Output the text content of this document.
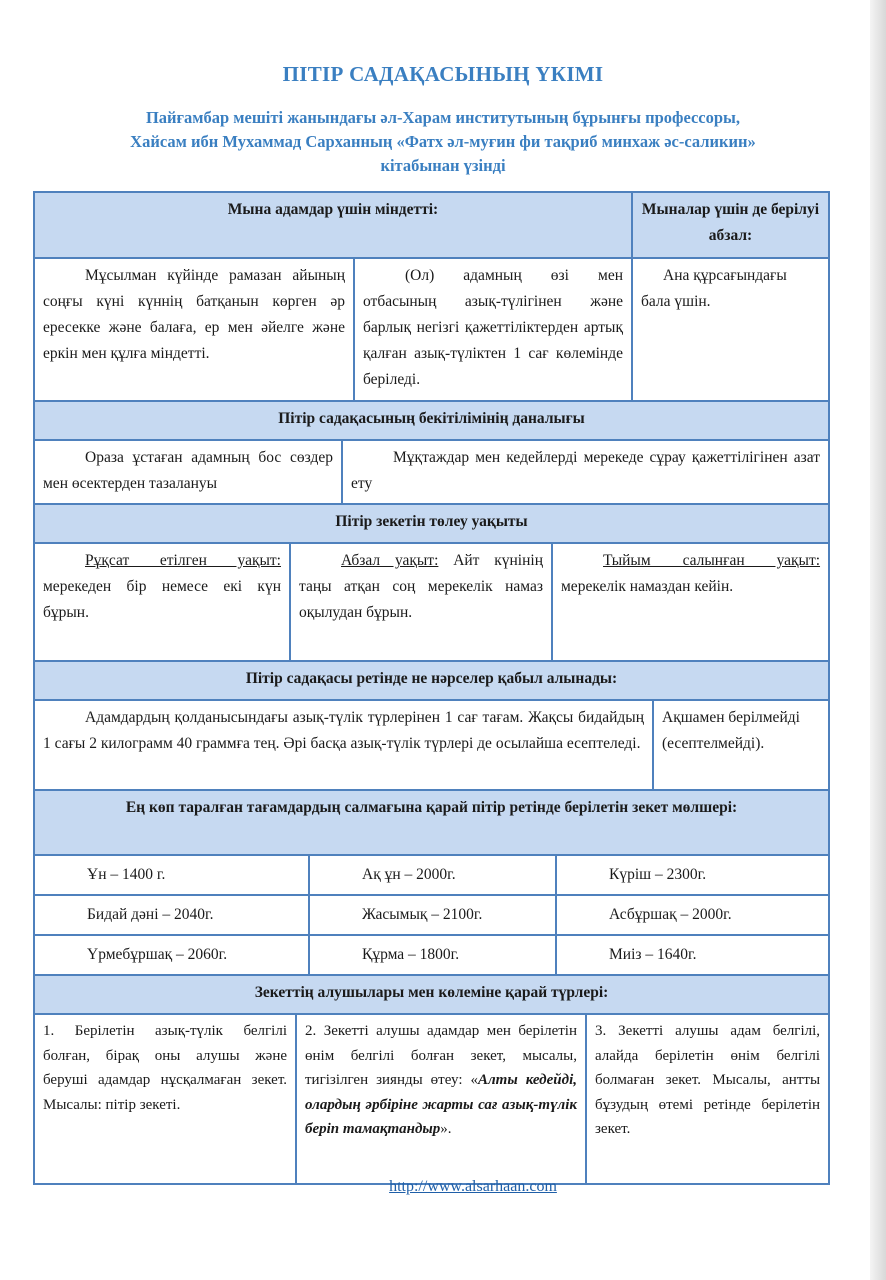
ПІТІР САДАҚАСЫНЫҢ ҮКІМІ
Пайғамбар мешіті жанындағы әл-Харам институтының бұрынғы профессоры,
Хайсам ибн Мухаммад Сарханның «Фатх әл-муғин фи тақриб минхаж әс-саликин»
кітабынан үзінді
Мына адамдар үшін міндетті:		Мыналар үшін де берілуі абзал:
Мұсылман күйінде рамазан айының соңғы күні күннің батқанын көрген әр ересекке және балаға, ер мен әйелге және еркін мен құлға міндетті.	(Ол) адамның өзі мен отбасының азық-түлігінен және барлық негізгі қажеттіліктерден артық қалған азық-түліктен 1 сағ көлемінде беріледі.	Ана құрсағындағы бала үшін.
Пітір садақасының бекітілімінің даналығы
Ораза ұстаған адамның бос сөздер мен өсектерден тазалануы	Мұқтаждар мен кедейлерді мерекеде сұрау қажеттілігінен азат ету
Пітір зекетін төлеу уақыты
Рұқсат етілген уақыт: мерекеден бір немесе екі күн бұрын.	Абзал уақыт: Айт күнінің таңы атқан соң мерекелік намаз оқылудан бұрын.	Тыйым салынған уақыт: мерекелік намаздан кейін.
Пітір садақасы ретінде не нәрселер қабыл алынады:
Адамдардың қолданысындағы азық-түлік түрлерінен 1 сағ тағам. Жақсы бидайдың 1 сағы 2 килограмм 40 граммға тең. Әрі басқа азық-түлік түрлері де осылайша есептеледі.	Ақшамен берілмейді (есептелмейді).
Ең көп таралған тағамдардың салмағына қарай пітір ретінде берілетін зекет мөлшері:		
Ұн – 1400 г.	Ақ ұн – 2000г.	Күріш – 2300г.
Бидай дәні – 2040г.	Жасымық – 2100г.	Асбұршақ – 2000г.
Үрмебұршақ – 2060г.	Құрма – 1800г.	Миіз – 1640г.
Зекеттің алушылары мен көлеміне қарай түрлері:
1. Берілетін азық-түлік белгілі болған, бірақ оны алушы және беруші адамдар нұсқалмаған зекет. Мысалы: пітір зекеті.	2. Зекетті алушы адамдар мен берілетін өнім белгілі болған зекет, мысалы, тигізілген зиянды өтеу: «Алты кедейді, олардың әрбіріне жарты сағ азық-түлік беріп тамақтандыр».	3. Зекетті алушы адам белгілі, алайда берілетін өнім белгілі болмаған зекет. Мысалы, антты бұзудың өтемі ретінде берілетін зекет.
http://www.alsarhaan.com
